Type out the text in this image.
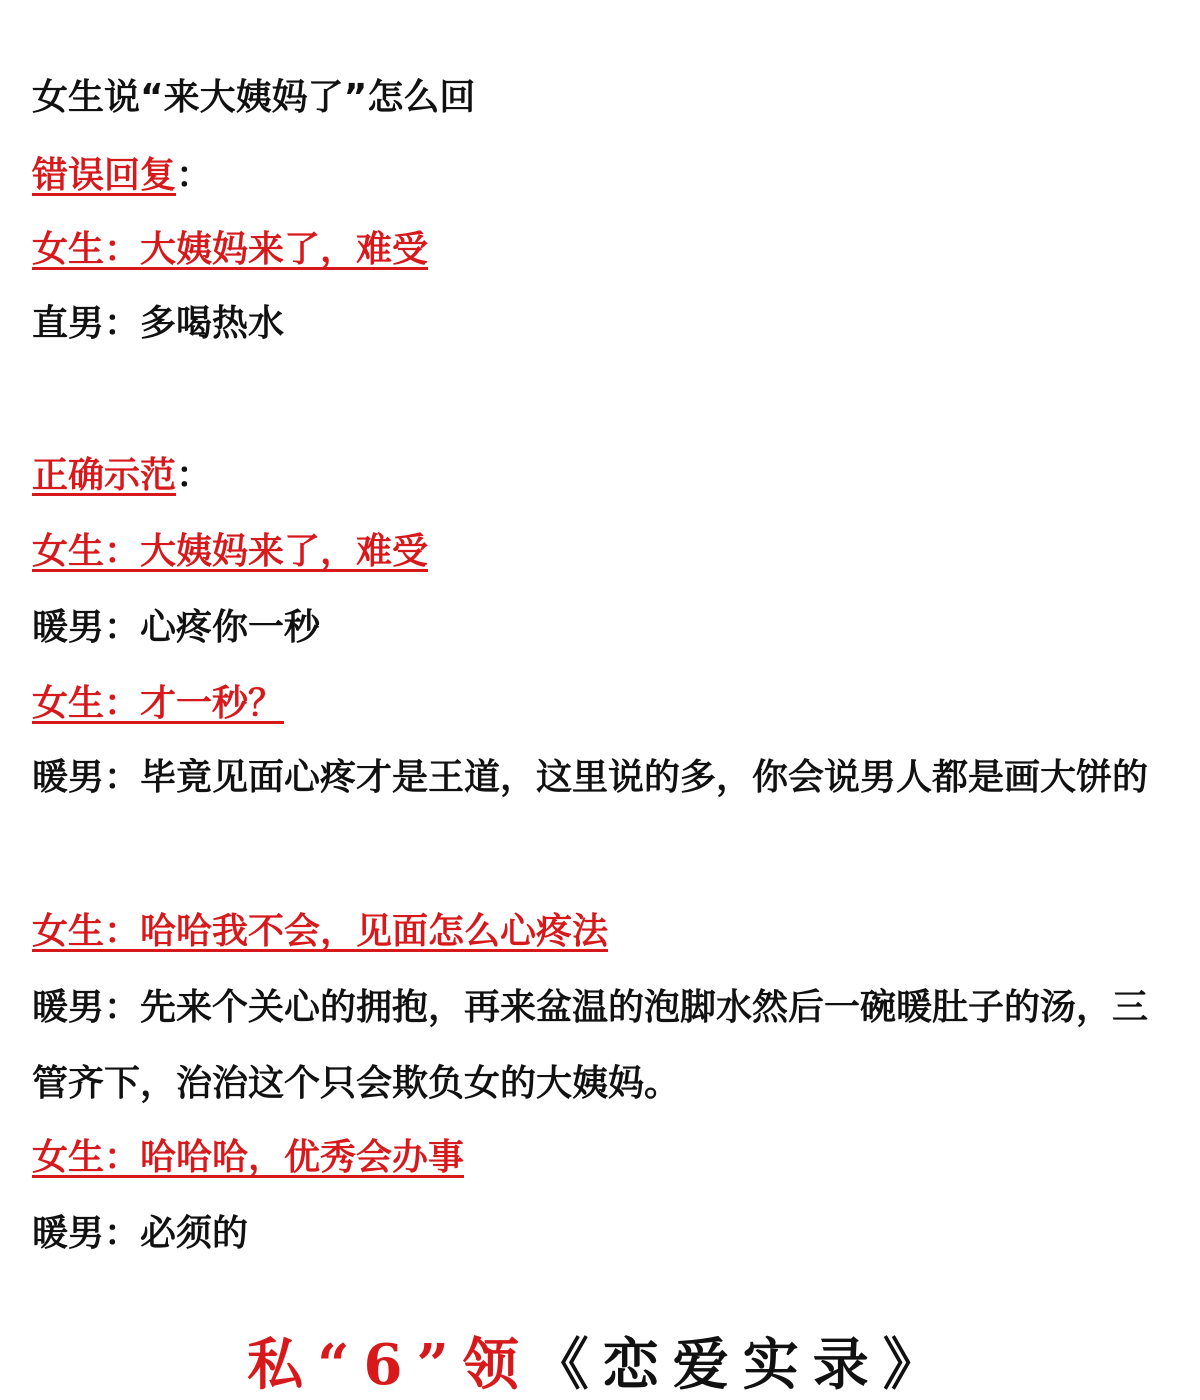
女生说“来大姨妈了”怎么回
错误回复：
女生：大姨妈来了，难受
直男：多喝热水
正确示范：
女生：大姨妈来了，难受
暖男：心疼你一秒
女生：才一秒？
暖男：毕竟见面心疼才是王道，这里说的多，你会说男人都是画大饼的
女生：哈哈我不会，见面怎么心疼法
暖男：先来个关心的拥抱，再来盆温的泡脚水然后一碗暖肚子的汤，三管齐下，治治这个只会欺负女的大姨妈。
女生：哈哈哈，优秀会办事
暖男：必须的
私“6”领《恋爱实录》
